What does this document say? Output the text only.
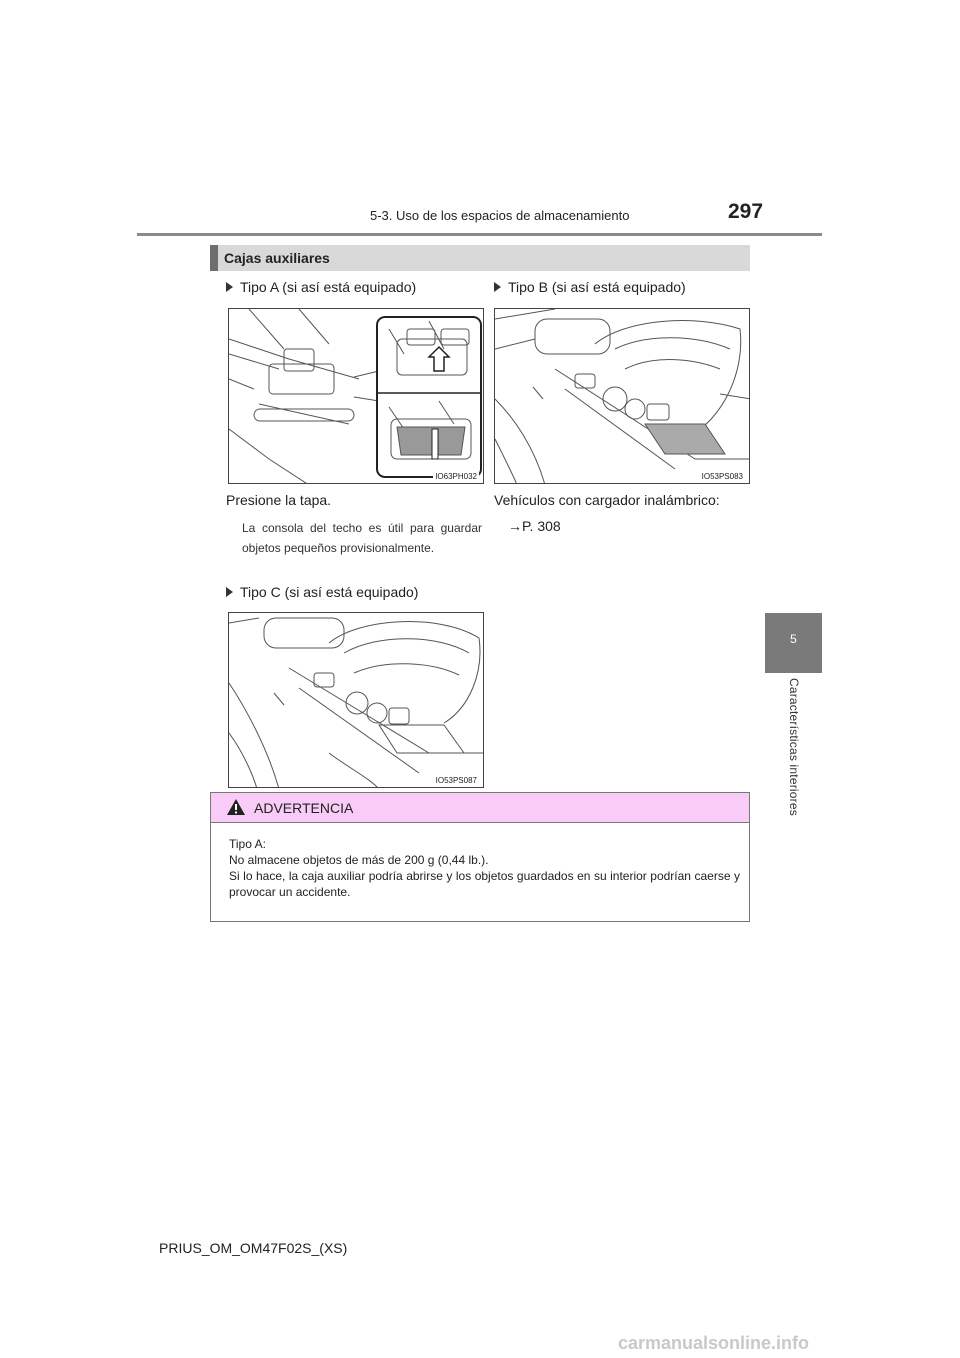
5-3. Uso de los espacios de almacenamiento	297
5
Características interiores
Cajas auxiliares
Tipo A (si así está equipado)
IO63PH032
Presione la tapa.
La consola del techo es útil para guardar objetos pequeños provisionalmente.
Tipo C (si así está equipado)
Tipo B (si así está equipado)
IO53PS083
Vehículos con cargador inalámbrico:
→P. 308
IO53PS087
ADVERTENCIA

Tipo A:

No almacene objetos de más de 200 g (0,44 lb.).

Si lo hace, la caja auxiliar podría abrirse y los objetos guardados en su interior podrían caerse y provocar un accidente.

PRIUS_OM_OM47F02S_(XS)
carmanualsonline.info
